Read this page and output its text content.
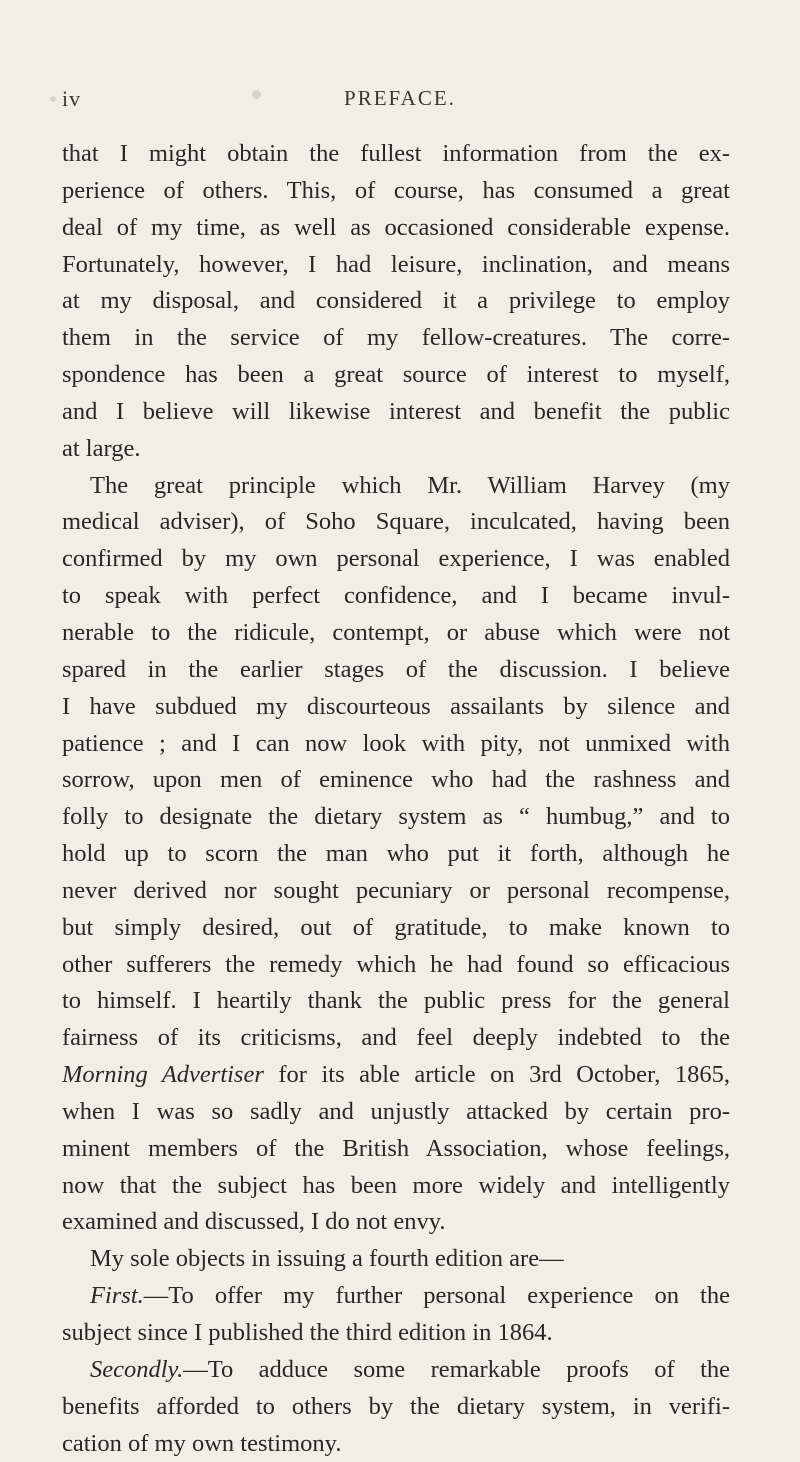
iv	PREFACE.
that I might obtain the fullest information from the ex-
perience of others. This, of course, has consumed a great
deal of my time, as well as occasioned considerable expense.
Fortunately, however, I had leisure, inclination, and means
at my disposal, and considered it a privilege to employ
them in the service of my fellow-creatures. The corre-
spondence has been a great source of interest to myself,
and I believe will likewise interest and benefit the public
at large.
The great principle which Mr. William Harvey (my
medical adviser), of Soho Square, inculcated, having been
confirmed by my own personal experience, I was enabled
to speak with perfect confidence, and I became invul-
nerable to the ridicule, contempt, or abuse which were not
spared in the earlier stages of the discussion. I believe
I have subdued my discourteous assailants by silence and
patience ; and I can now look with pity, not unmixed with
sorrow, upon men of eminence who had the rashness and
folly to designate the dietary system as “ humbug,” and to
hold up to scorn the man who put it forth, although he
never derived nor sought pecuniary or personal recompense,
but simply desired, out of gratitude, to make known to
other sufferers the remedy which he had found so efficacious
to himself. I heartily thank the public press for the general
fairness of its criticisms, and feel deeply indebted to the
Morning Advertiser for its able article on 3rd October, 1865,
when I was so sadly and unjustly attacked by certain pro-
minent members of the British Association, whose feelings,
now that the subject has been more widely and intelligently
examined and discussed, I do not envy.
My sole objects in issuing a fourth edition are—
First.—To offer my further personal experience on the
subject since I published the third edition in 1864.
Secondly.—To adduce some remarkable proofs of the
benefits afforded to others by the dietary system, in verifi-
cation of my own testimony.
